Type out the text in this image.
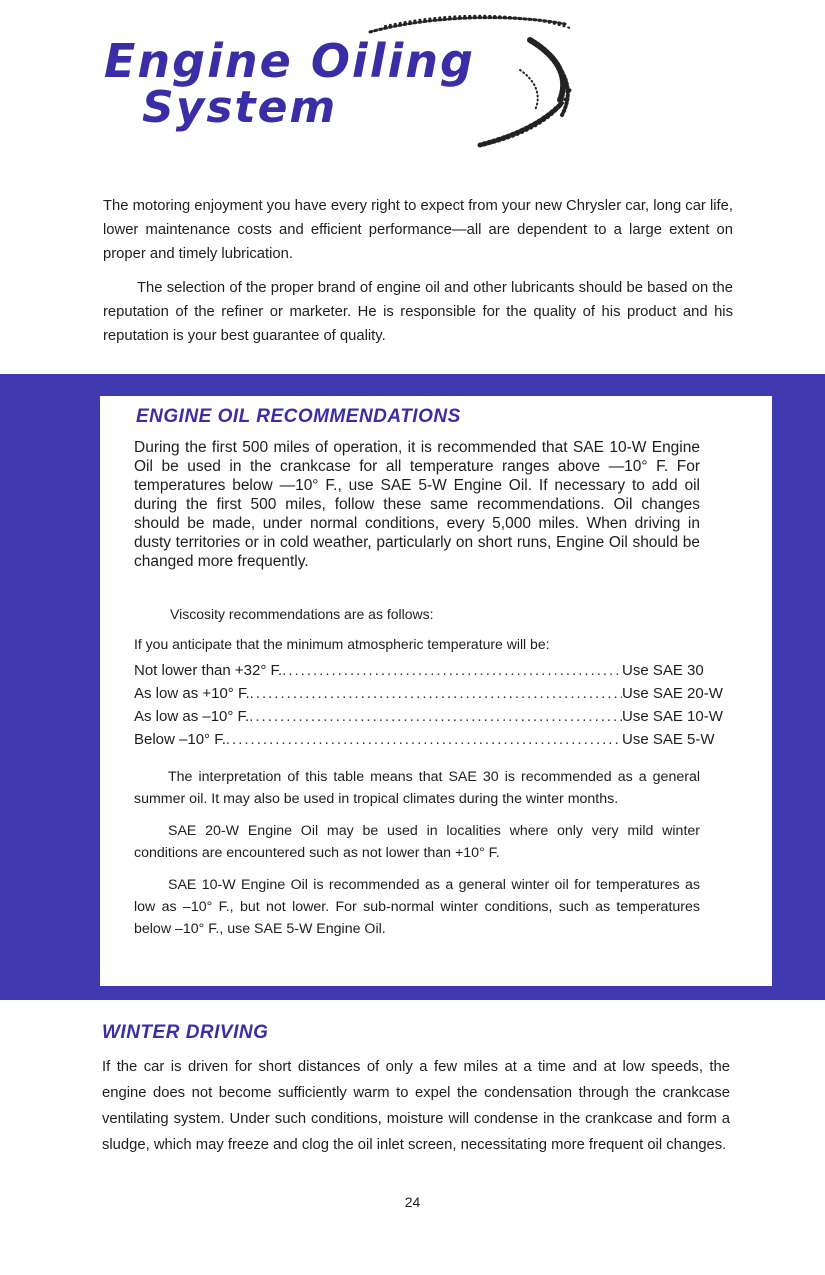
Engine Oiling
System

The motoring enjoyment you have every right to expect from your new Chrysler car, long car life, lower maintenance costs and efficient performance—all are dependent to a large extent on proper and timely lubrication.

The selection of the proper brand of engine oil and other lubricants should be based on the reputation of the refiner or marketer. He is responsible for the quality of his product and his reputation is your best guarantee of quality.

ENGINE OIL RECOMMENDATIONS

During the first 500 miles of operation, it is recommended that SAE 10-W Engine Oil be used in the crankcase for all temperature ranges above —10° F. For temperatures below —10° F., use SAE 5-W Engine Oil. If necessary to add oil during the first 500 miles, follow these same recommendations. Oil changes should be made, under normal conditions, every 5,000 miles. When driving in dusty territories or in cold weather, particularly on short runs, Engine Oil should be changed more frequently.

Viscosity recommendations are as follows:

If you anticipate that the minimum atmospheric temperature will be:

Not lower than +32° F. .....	Use SAE 30
As low as +10° F. .....	Use SAE 20-W
As low as –10° F. .....	Use SAE 10-W
Below –10° F. .....	Use SAE 5-W

The interpretation of this table means that SAE 30 is recommended as a general summer oil. It may also be used in tropical climates during the winter months.

SAE 20-W Engine Oil may be used in localities where only very mild winter conditions are encountered such as not lower than +10° F.

SAE 10-W Engine Oil is recommended as a general winter oil for temperatures as low as –10° F., but not lower. For sub-normal winter conditions, such as temperatures below –10° F., use SAE 5-W Engine Oil.

WINTER DRIVING

If the car is driven for short distances of only a few miles at a time and at low speeds, the engine does not become sufficiently warm to expel the condensation through the crankcase ventilating system. Under such conditions, moisture will condense in the crankcase and form a sludge, which may freeze and clog the oil inlet screen, necessitating more frequent oil changes.

24
